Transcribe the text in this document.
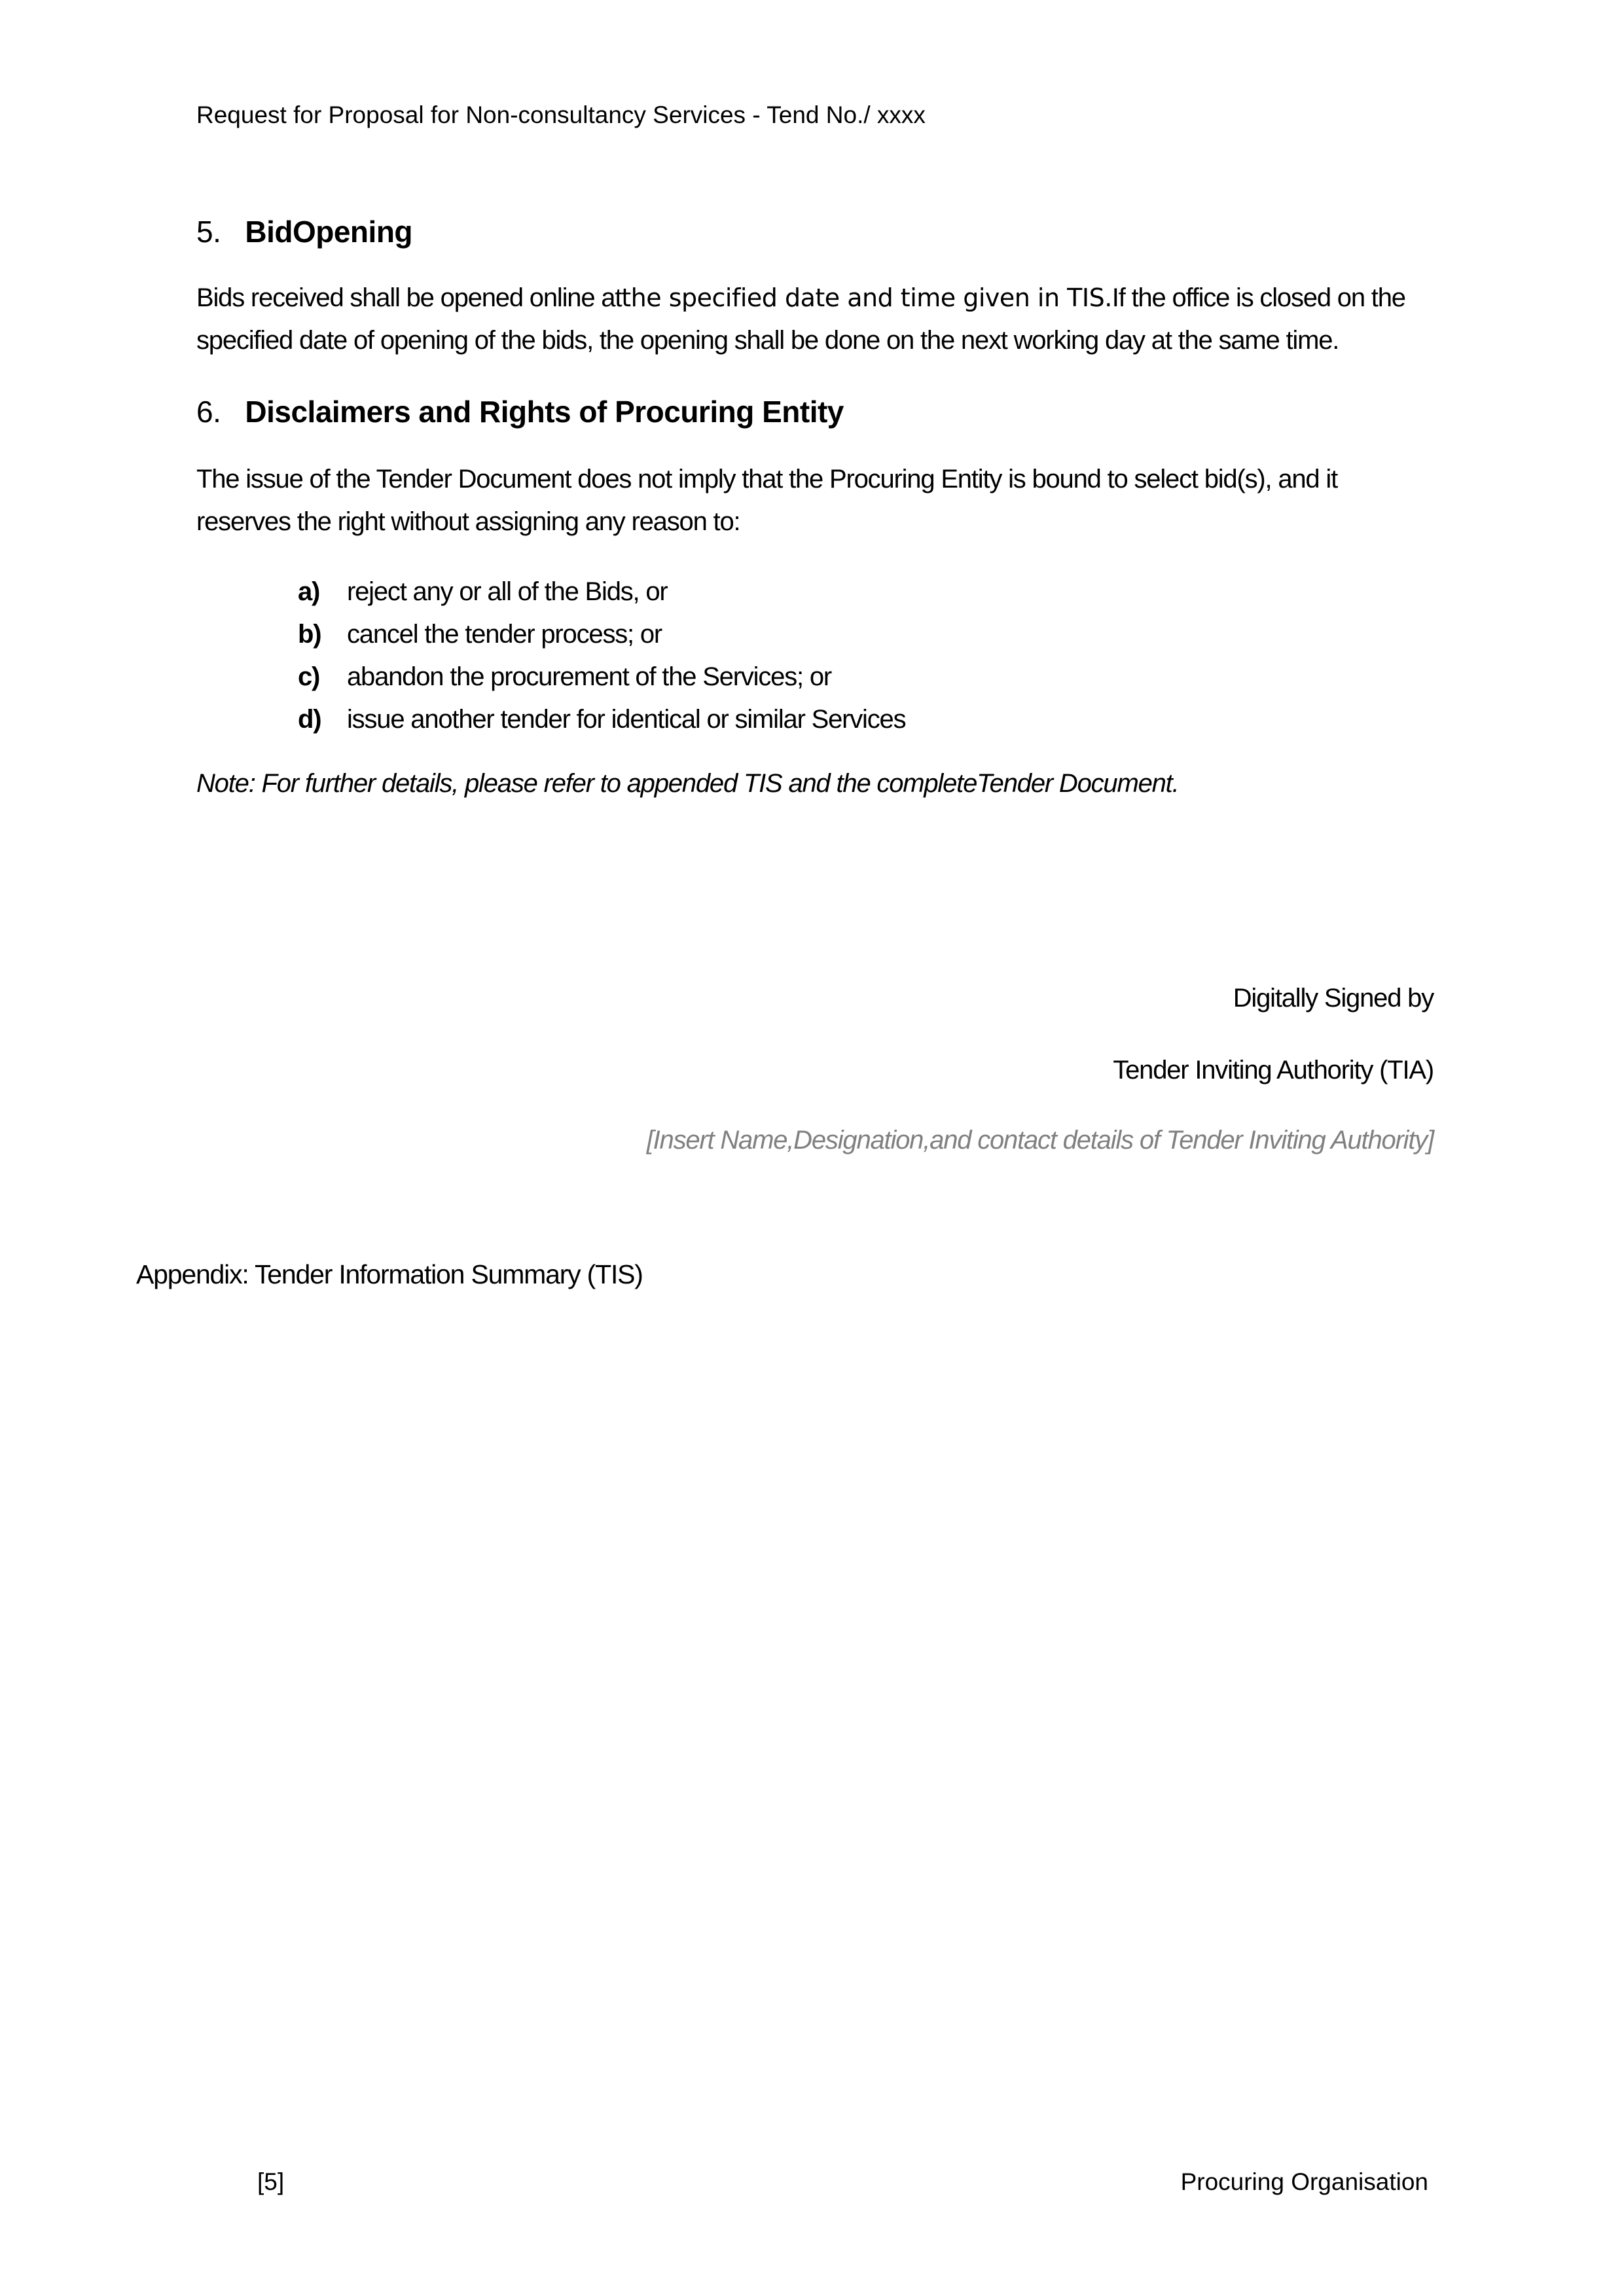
Request for Proposal for Non-consultancy Services - Tend No./ xxxx
5. BidOpening
Bids received shall be opened online atthe specified date and time given in TIS.If the office is closed on the specified date of opening of the bids, the opening shall be done on the next working day at the same time.
6. Disclaimers and Rights of Procuring Entity
The issue of the Tender Document does not imply that the Procuring Entity is bound to select bid(s), and it reserves the right without assigning any reason to:
a)	reject any or all of the Bids, or
b) cancel the tender process; or
c)	abandon the procurement of the Services; or
d) issue another tender for identical or similar Services
Note: For further details, please refer to appended TIS and the completeTender Document.
Digitally Signed by
Tender Inviting Authority (TIA)
[Insert Name,Designation,and contact details of Tender Inviting Authority]
Appendix: Tender Information Summary (TIS)
[5]	Procuring Organisation
